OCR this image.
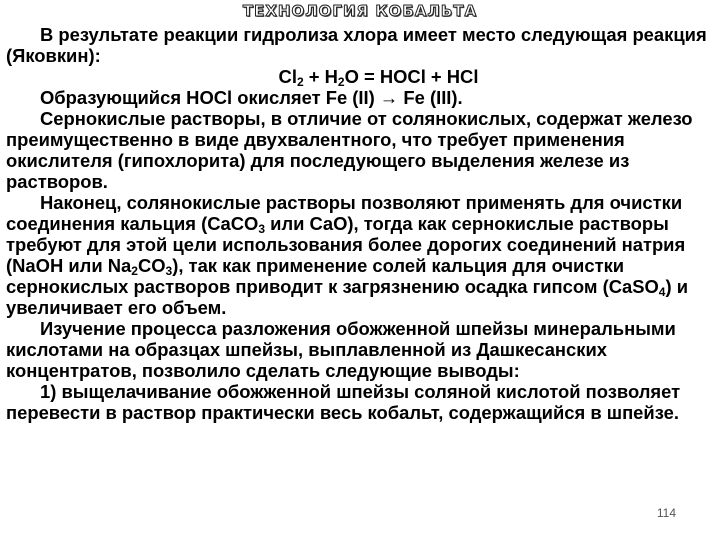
ТЕХНОЛОГИЯ КОБАЛЬТА

В результате реакции гидролиза хлора имеет место следующая реакция (Яковкин):

$Cl_2 + H_2O$ = HOCl + HCl

Образующийся HOCl окисляет Fe (II) → Fe (III).

Сернокислые растворы, в отличие от солянокислых, содержат железо преимущественно в виде двухвалентного, что требует применения окислителя (гипохлорита) для последующего выделения железе из растворов.

Наконец, солянокислые растворы позволяют применять для очистки соединения кальция (CaCO$_3$ или CaO), тогда как сернокислые растворы требуют для этой цели использования более дорогих соединений натрия (NaOH или $Na_2CO_3$), так как применение солей кальция для очистки сернокислых растворов приводит к загрязнению осадка гипсом (CaSO$_4$) и увеличивает его объем.

Изучение процесса разложения обожженной шпейзы минеральными кислотами на образцах шпейзы, выплавленной из Дашкесанских концентратов, позволило сделать следующие выводы:

1) выщелачивание обожженной шпейзы соляной кислотой позволяет перевести в раствор практически весь кобальт, содержащийся в шпейзе.

114
